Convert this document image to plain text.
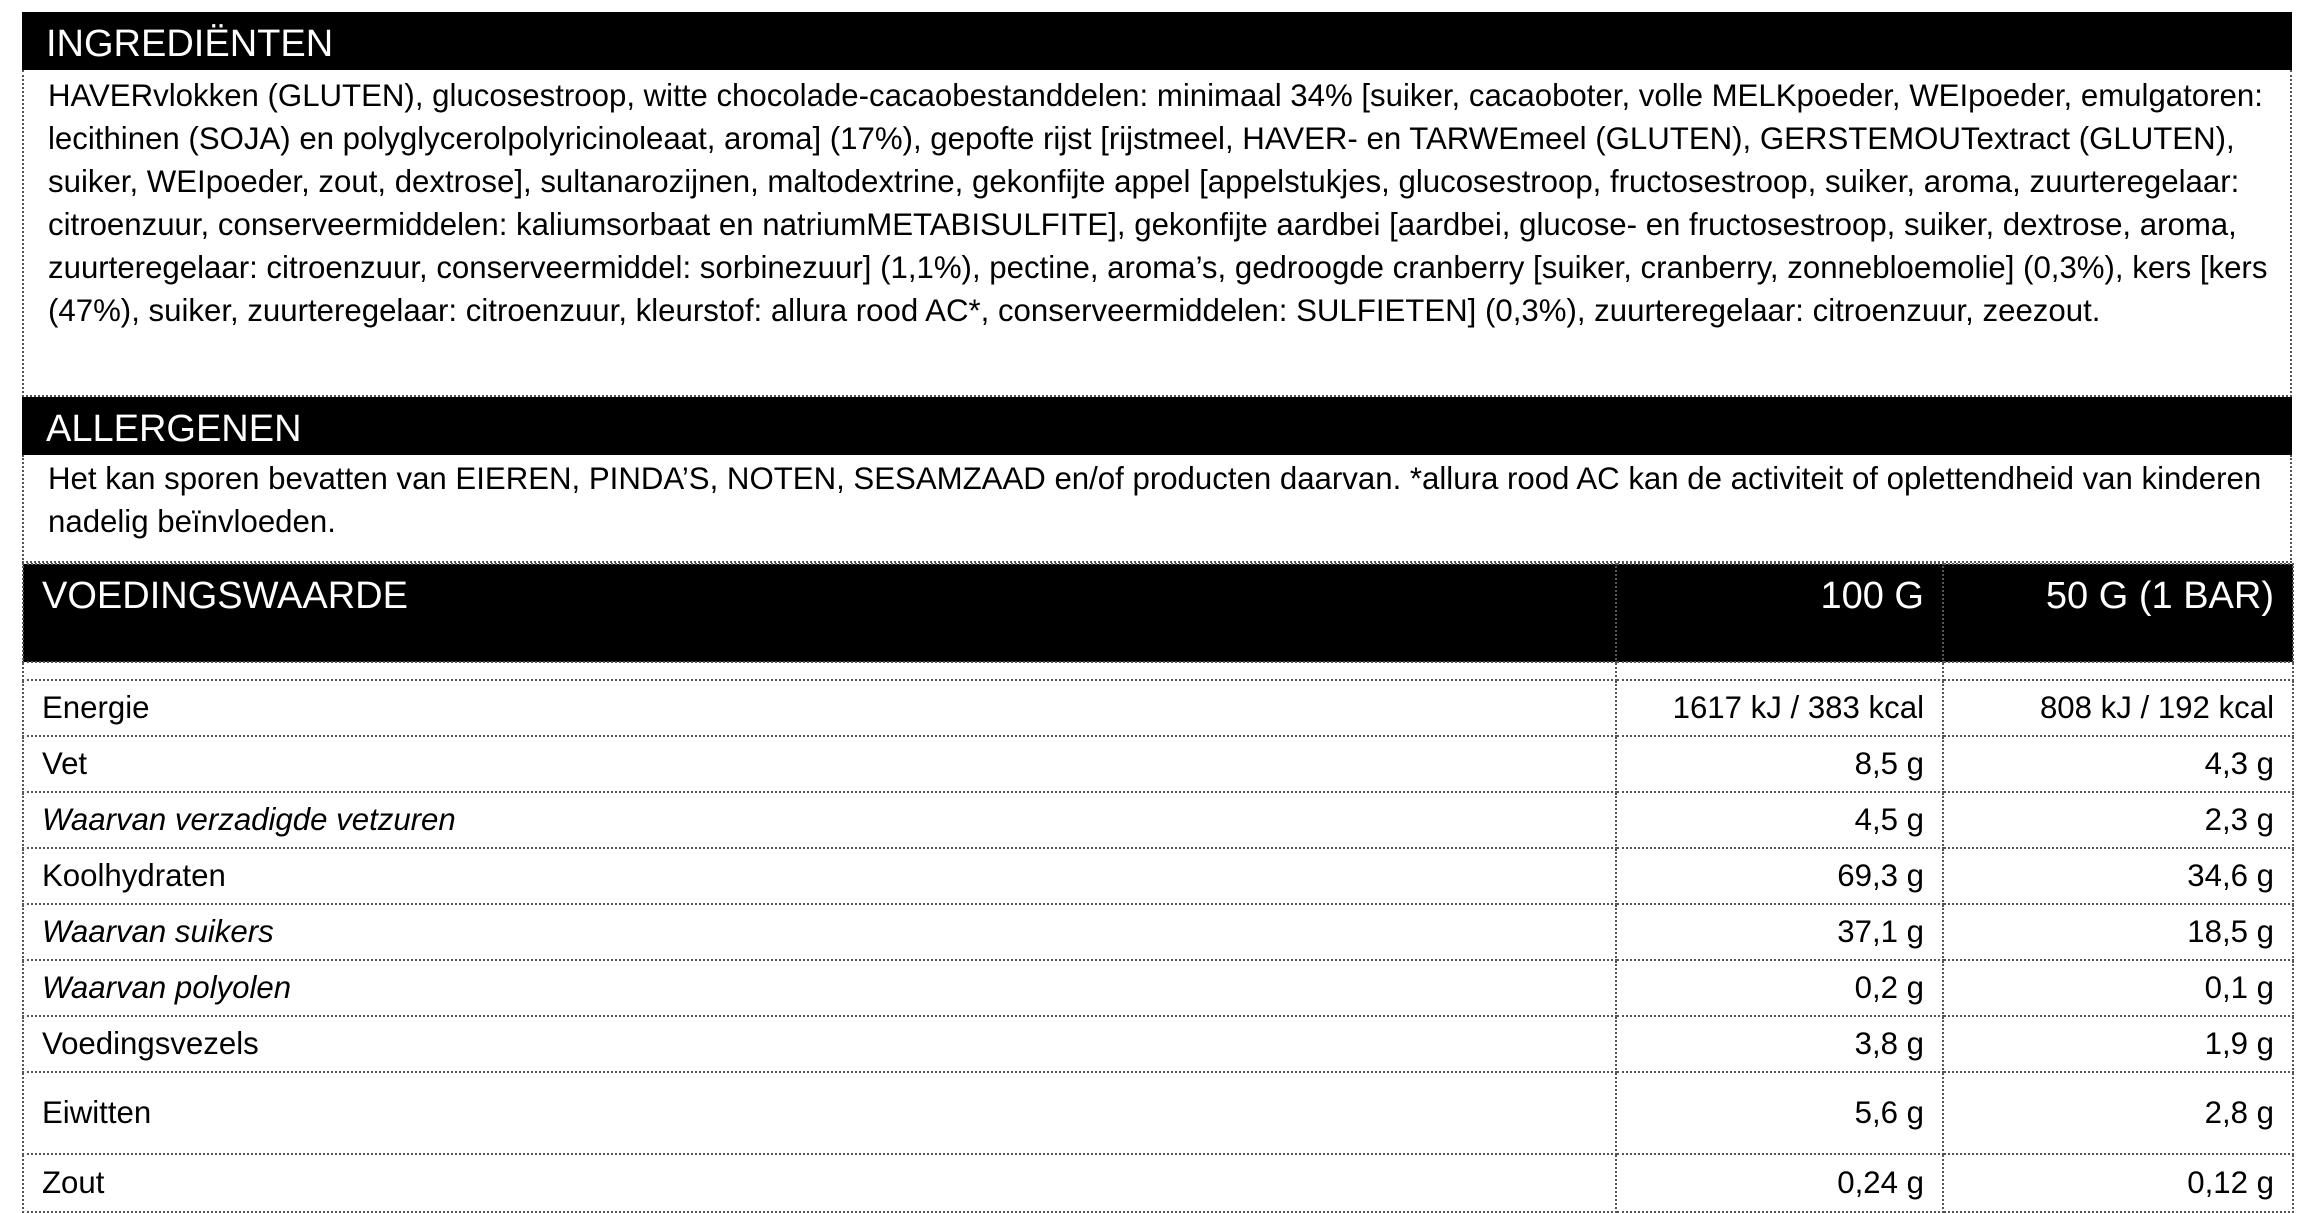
INGREDIËNTEN
HAVERvlokken (GLUTEN), glucosestroop, witte chocolade-cacaobestanddelen: minimaal 34% [suiker, cacaoboter, volle MELKpoeder, WEIpoeder, emulgatoren: lecithinen (SOJA) en polyglycerolpolyricinoleaat, aroma] (17%), gepofte rijst [rijstmeel, HAVER- en TARWEmeel (GLUTEN), GERSTEMOUTextract (GLUTEN), suiker, WEIpoeder, zout, dextrose], sultanarozijnen, maltodextrine, gekonfijte appel [appelstukjes, glucosestroop, fructosestroop, suiker, aroma, zuurteregelaar: citroenzuur, conserveermiddelen: kaliumsorbaat en natriumMETABISULFITE], gekonfijte aardbei [aardbei, glucose- en fructosestroop, suiker, dextrose, aroma, zuurteregelaar: citroenzuur, conserveermiddel: sorbinezuur] (1,1%), pectine, aroma’s, gedroogde cranberry [suiker, cranberry, zonnebloemolie] (0,3%), kers [kers (47%), suiker, zuurteregelaar: citroenzuur, kleurstof: allura rood AC*, conserveermiddelen: SULFIETEN] (0,3%), zuurteregelaar: citroenzuur, zeezout.
ALLERGENEN
Het kan sporen bevatten van EIEREN, PINDA’S, NOTEN, SESAMZAAD en/of producten daarvan. *allura rood AC kan de activiteit of oplettendheid van kinderen nadelig beïnvloeden.
VOEDINGSWAARDE	100 G	50 G (1 BAR)

Energie	1617 kJ / 383 kcal	808 kJ / 192 kcal
Vet	8,5 g	4,3 g
Waarvan verzadigde vetzuren	4,5 g	2,3 g
Koolhydraten	69,3 g	34,6 g
Waarvan suikers	37,1 g	18,5 g
Waarvan polyolen	0,2 g	0,1 g
Voedingsvezels	3,8 g	1,9 g
Eiwitten	5,6 g	2,8 g
Zout	0,24 g	0,12 g
